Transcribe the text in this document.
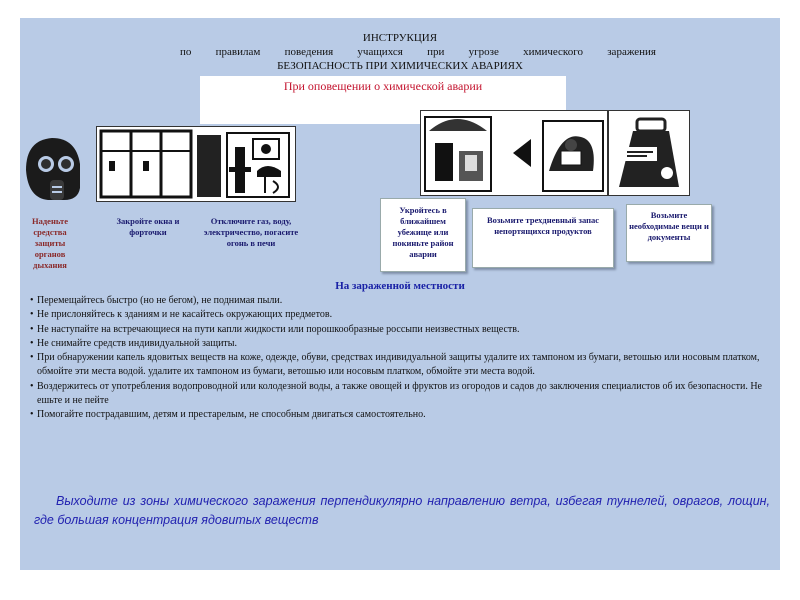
ИНСТРУКЦИЯ
по правилам поведения учащихся при угрозе химического заражения
БЕЗОПАСНОСТЬ ПРИ ХИМИЧЕСКИХ АВАРИЯХ
При оповещении о химической аварии
Наденьте средства защиты органов дыхания
Закройте окна и форточки
Отключите газ, воду, электричество, погасите огонь в печи
Укройтесь в ближайшем убежище или покиньте район аварии
Возьмите трехдневный запас непортящихся продуктов
Возьмите необходимые вещи и документы
На зараженной местности
• Перемещайтесь быстро (но не бегом), не поднимая пыли.
• Не прислоняйтесь к зданиям и не касайтесь окружающих предметов.
• Не наступайте на встречающиеся на пути капли жидкости или порошкообразные россыпи неизвестных веществ.
• Не снимайте средств индивидуальной защиты.
• При обнаружении капель ядовитых веществ на коже, одежде, обуви, средствах индивидуальной защиты удалите их тампоном из бумаги, ветошью или носовым платком, обмойте эти места водой. удалите их тампоном из бумаги, ветошью или носовым платком, обмойте эти места водой.
• Воздержитесь от употребления водопроводной или колодезной воды, а также овощей и фруктов из огородов и садов до заключения специалистов об их безопасности. Не ешьте и не пейте
• Помогайте пострадавшим, детям и престарелым, не способным двигаться самостоятельно.
Выходите из зоны химического заражения перпендикулярно направлению ветра, избегая туннелей, оврагов, лощин, где большая концентрация ядовитых веществ
